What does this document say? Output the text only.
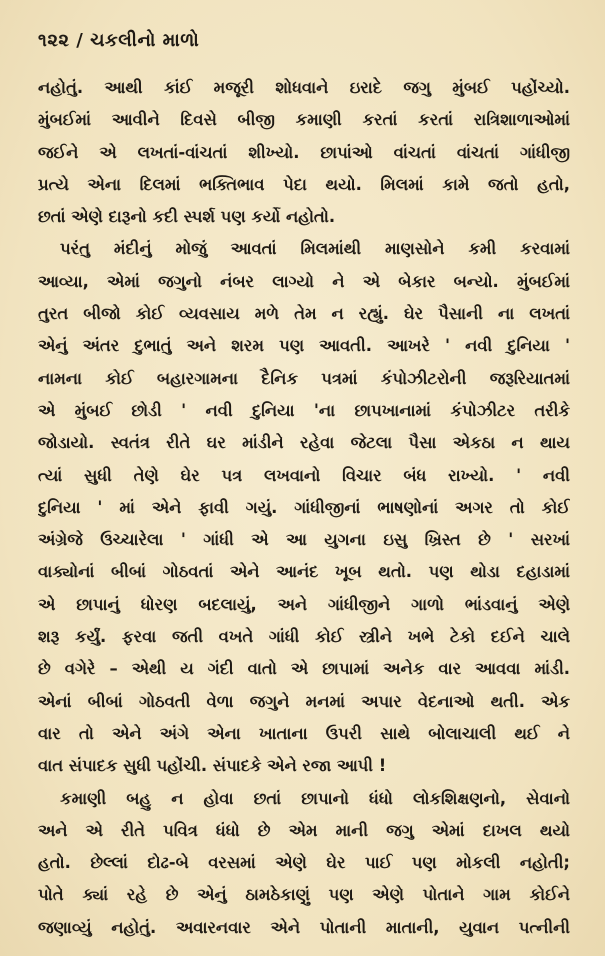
૧૨૨ / ચકલીનો માળો
નહોતું. આથી કાંઈ મજૂરી શોધવાને ઇરાદે જગુ મુંબઈ પહોંચ્યો.
મુંબઈમાં આવીને દિવસે બીજી કમાણી કરતાં કરતાં રાત્રિશાળાઓમાં
જઈને એ લખતાં-વાંચતાં શીખ્યો. છાપાંઓ વાંચતાં વાંચતાં ગાંધીજી
પ્રત્યે એના દિલમાં ભક્તિભાવ પેદા થયો. મિલમાં કામે જતો હતો,
છતાં એણે દારૂનો કદી સ્પર્શ પણ કર્યો નહોતો.
પરંતુ મંદીનું મોજું આવતાં મિલમાંથી માણસોને કમી કરવામાં
આવ્યા, એમાં જગુનો નંબર લાગ્યો ને એ બેકાર બન્યો. મુંબઈમાં
તુરત બીજો કોઈ વ્યવસાય મળે તેમ ન રહ્યું. ઘેર પૈસાની ના લખતાં
એનું અંતર દુભાતું અને શરમ પણ આવતી. આખરે ' નવી દુનિયા '
નામના કોઈ બહારગામના દૈનિક પત્રમાં કંપોઝીટરોની જરૂરિયાતમાં
એ મુંબઈ છોડી ' નવી દુનિયા 'ના છાપખાનામાં કંપોઝીટર તરીકે
જોડાયો. સ્વતંત્ર રીતે ઘર માંડીને રહેવા જેટલા પૈસા એકઠા ન થાય
ત્યાં સુધી તેણે ઘેર પત્ર લખવાનો વિચાર બંધ રાખ્યો. ' નવી
દુનિયા ' માં એને ફાવી ગયું. ગાંધીજીનાં ભાષણોનાં અગર તો કોઈ
અંગ્રેજે ઉચ્ચારેલા ' ગાંધી એ આ યુગના ઇસુ ખ્રિસ્ત છે ' સરખાં
વાક્યોનાં બીબાં ગોઠવતાં એને આનંદ ખૂબ થતો. પણ થોડા દહાડામાં
એ છાપાનું ધોરણ બદલાયું, અને ગાંધીજીને ગાળો ભાંડવાનું એણે
શરૂ કર્યું. ફરવા જતી વખતે ગાંધી કોઈ સ્ત્રીને ખભે ટેકો દઈને ચાલે
છે વગેરે – એથી ય ગંદી વાતો એ છાપામાં અનેક વાર આવવા માંડી.
એનાં બીબાં ગોઠવતી વેળા જગુને મનમાં અપાર વેદનાઓ થતી. એક
વાર તો એને અંગે એના ખાતાના ઉપરી સાથે બોલાચાલી થઈ ને
વાત સંપાદક સુધી પહોંચી. સંપાદકે એને રજા આપી !
કમાણી બહુ ન હોવા છતાં છાપાનો ધંધો લોકશિક્ષણનો, સેવાનો
અને એ રીતે પવિત્ર ધંધો છે એમ માની જગુ એમાં દાખલ થયો
હતો. છેલ્લાં દોઢ-બે વરસમાં એણે ઘેર પાઈ પણ મોકલી નહોતી;
પોતે ક્યાં રહે છે એનું ઠામઠેકાણું પણ એણે પોતાને ગામ કોઈને
જણાવ્યું નહોતું. અવારનવાર એને પોતાની માતાની, યુવાન પત્નીની
